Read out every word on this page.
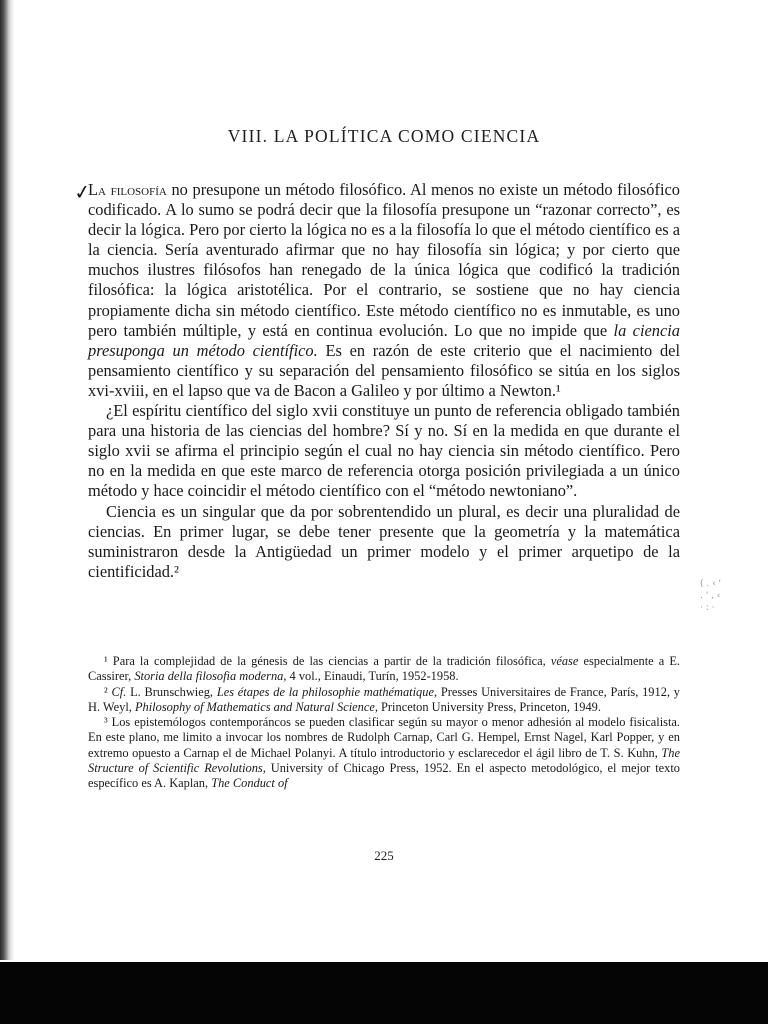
VIII. LA POLÍTICA COMO CIENCIA
✓

La filosofía no presupone un método filosófico. Al menos no existe un método filosófico codificado. A lo sumo se podrá decir que la filosofía presupone un “razonar correcto”, es decir la lógica. Pero por cierto la lógica no es a la filosofía lo que el método científico es a la ciencia. Sería aventurado afirmar que no hay filosofía sin lógica; y por cierto que muchos ilustres filósofos han renegado de la única lógica que codificó la tradición filosófica: la lógica aristotélica. Por el contrario, se sostiene que no hay ciencia propiamente dicha sin método científico. Este método científico no es inmutable, es uno pero también múltiple, y está en continua evolución. Lo que no impide que la ciencia presuponga un método científico. Es en razón de este criterio que el nacimiento del pensamiento científico y su separación del pensamiento filosófico se sitúa en los siglos xvi-xviii, en el lapso que va de Bacon a Galileo y por último a Newton.¹

¿El espíritu científico del siglo xvii constituye un punto de referencia obligado también para una historia de las ciencias del hombre? Sí y no. Sí en la medida en que durante el siglo xvii se afirma el principio según el cual no hay ciencia sin método científico. Pero no en la medida en que este marco de referencia otorga posición privilegiada a un único método y hace coincidir el método científico con el “método newtoniano”.

Ciencia es un singular que da por sobrentendido un plural, es decir una pluralidad de ciencias. En primer lugar, se debe tener presente que la geometría y la matemática suministraron desde la Antigüedad un primer modelo y el primer arquetipo de la cientificidad.²

¹ Para la complejidad de la génesis de las ciencias a partir de la tradición filosófica, véase especialmente a E. Cassirer, Storia della filosofia moderna, 4 vol., Einaudi, Turín, 1952-1958.

² Cf. L. Brunschwieg, Les étapes de la philosophie mathématique, Presses Universitaires de France, París, 1912, y H. Weyl, Philosophy of Mathematics and Natural Science, Princeton University Press, Princeton, 1949.

³ Los epistemólogos contemporáncos se pueden clasificar según su mayor o menor adhesión al modelo fisicalista. En este plano, me limito a invocar los nombres de Rudolph Carnap, Carl G. Hempel, Ernst Nagel, Karl Popper, y en extremo opuesto a Carnap el de Michael Polanyi. A título introductorio y esclarecedor el ágil libro de T. S. Kuhn, The Structure of Scientific Revolutions, University of Chicago Press, 1952. En el aspecto metodológico, el mejor texto específico es A. Kaplan, The Conduct of

225
( . ‹ '
. ' , ‹
· : ·
